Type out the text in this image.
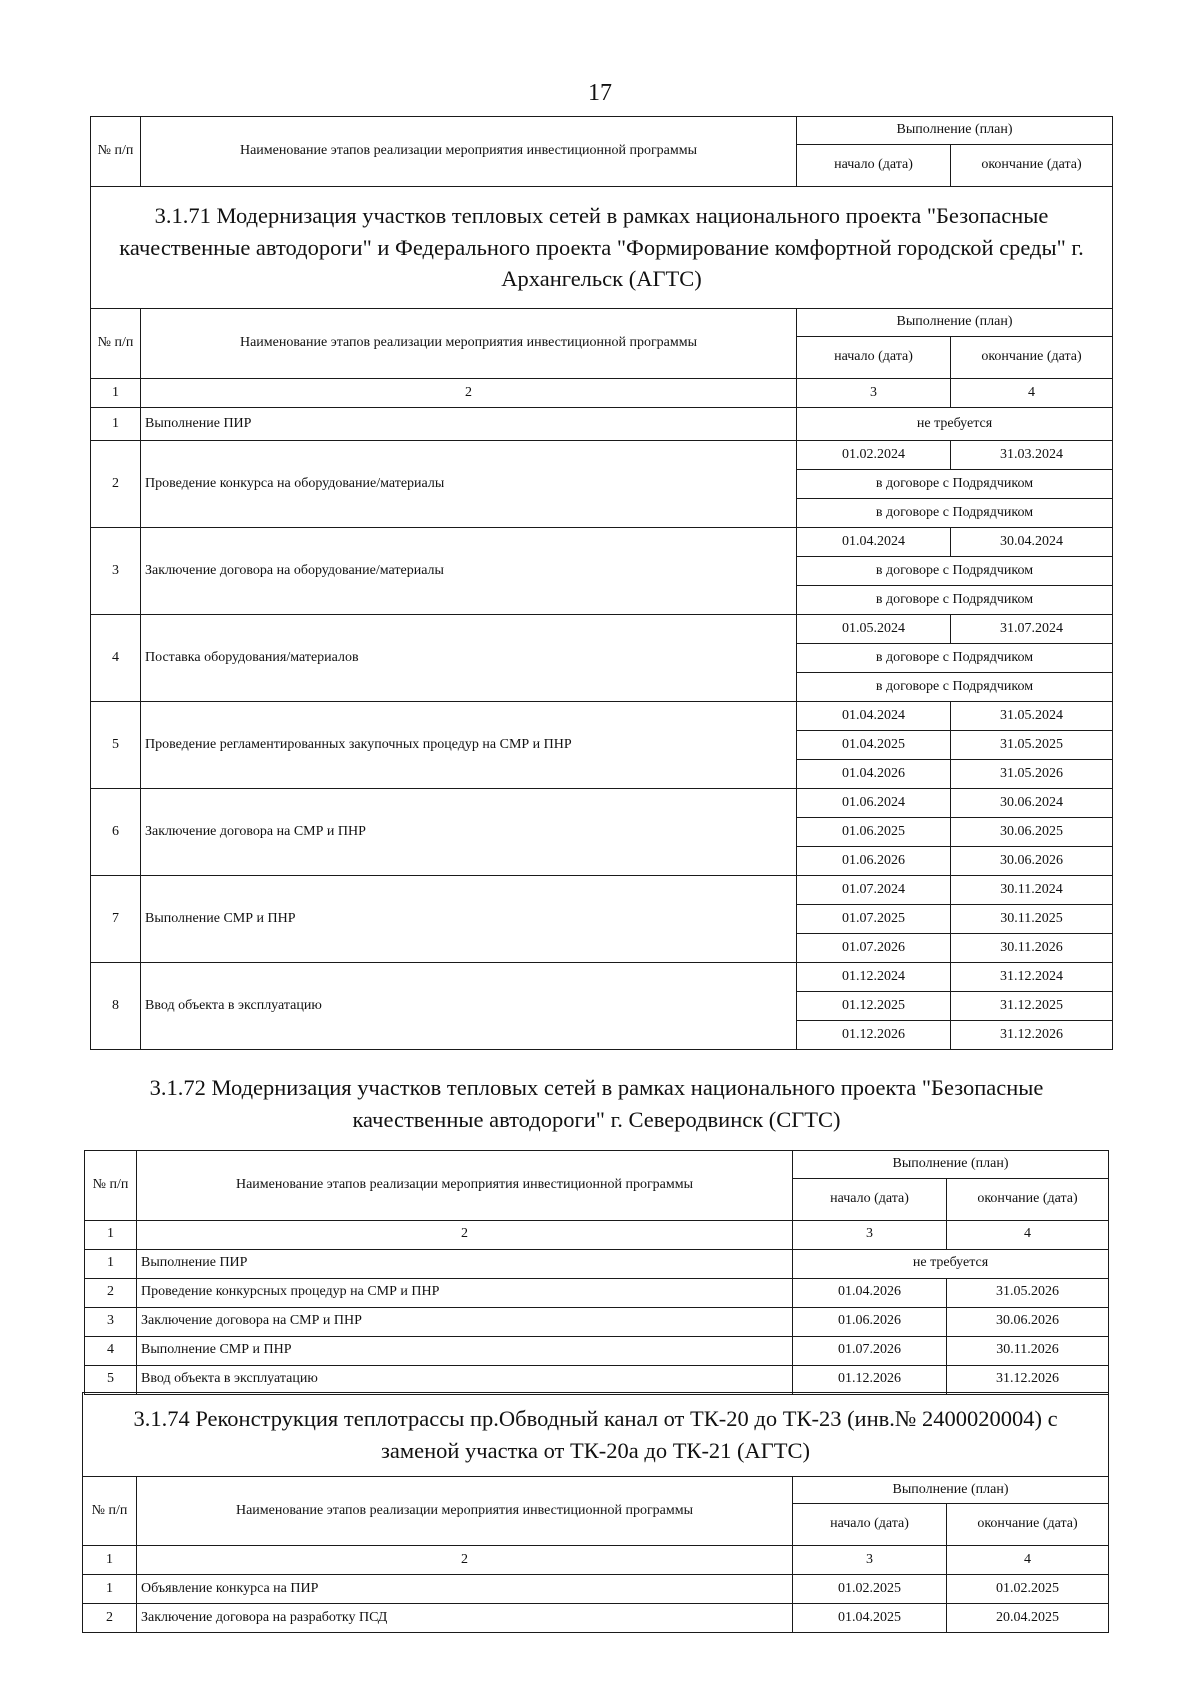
17
№ п/п	Наименование этапов реализации мероприятия инвестиционной программы	Выполнение (план)	
		начало (дата)	окончание (дата)
3.1.71 Модернизация участков тепловых сетей в рамках национального проекта "Безопасные качественные автодороги" и Федерального проекта "Формирование комфортной городской среды" г. Архангельск (АГТС)			
№ п/п	Наименование этапов реализации мероприятия инвестиционной программы	Выполнение (план)	
		начало (дата)	окончание (дата)
1	2	3	4
1	Выполнение ПИР	не требуется	
2	Проведение конкурса на оборудование/материалы	01.02.2024	31.03.2024
		в договоре с Подрядчиком	
		в договоре с Подрядчиком	
3	Заключение договора на оборудование/материалы	01.04.2024	30.04.2024
		в договоре с Подрядчиком	
		в договоре с Подрядчиком	
4	Поставка оборудования/материалов	01.05.2024	31.07.2024
		в договоре с Подрядчиком	
		в договоре с Подрядчиком	
5	Проведение регламентированных закупочных процедур на СМР и ПНР	01.04.2024	31.05.2024
		01.04.2025	31.05.2025
		01.04.2026	31.05.2026
6	Заключение договора на СМР и ПНР	01.06.2024	30.06.2024
		01.06.2025	30.06.2025
		01.06.2026	30.06.2026
7	Выполнение СМР и ПНР	01.07.2024	30.11.2024
		01.07.2025	30.11.2025
		01.07.2026	30.11.2026
8	Ввод объекта в эксплуатацию	01.12.2024	31.12.2024
		01.12.2025	31.12.2025
		01.12.2026	31.12.2026
3.1.72 Модернизация участков тепловых сетей в рамках национального проекта "Безопасные качественные автодороги" г. Северодвинск (СГТС)			
№ п/п	Наименование этапов реализации мероприятия инвестиционной программы	Выполнение (план)	
		начало (дата)	окончание (дата)
1	2	3	4
1	Выполнение ПИР	не требуется	
2	Проведение конкурсных процедур на СМР и ПНР	01.04.2026	31.05.2026
3	Заключение договора на СМР и ПНР	01.06.2026	30.06.2026
4	Выполнение СМР и ПНР	01.07.2026	30.11.2026
5	Ввод объекта в эксплуатацию	01.12.2026	31.12.2026
3.1.74 Реконструкция теплотрассы пр.Обводный канал от ТК-20 до ТК-23 (инв.№ 2400020004) с заменой участка от ТК-20а до ТК-21 (АГТС)			
№ п/п	Наименование этапов реализации мероприятия инвестиционной программы	Выполнение (план)	
		начало (дата)	окончание (дата)
1	2	3	4
1	Объявление конкурса на ПИР	01.02.2025	01.02.2025
2	Заключение договора на разработку ПСД	01.04.2025	20.04.2025
